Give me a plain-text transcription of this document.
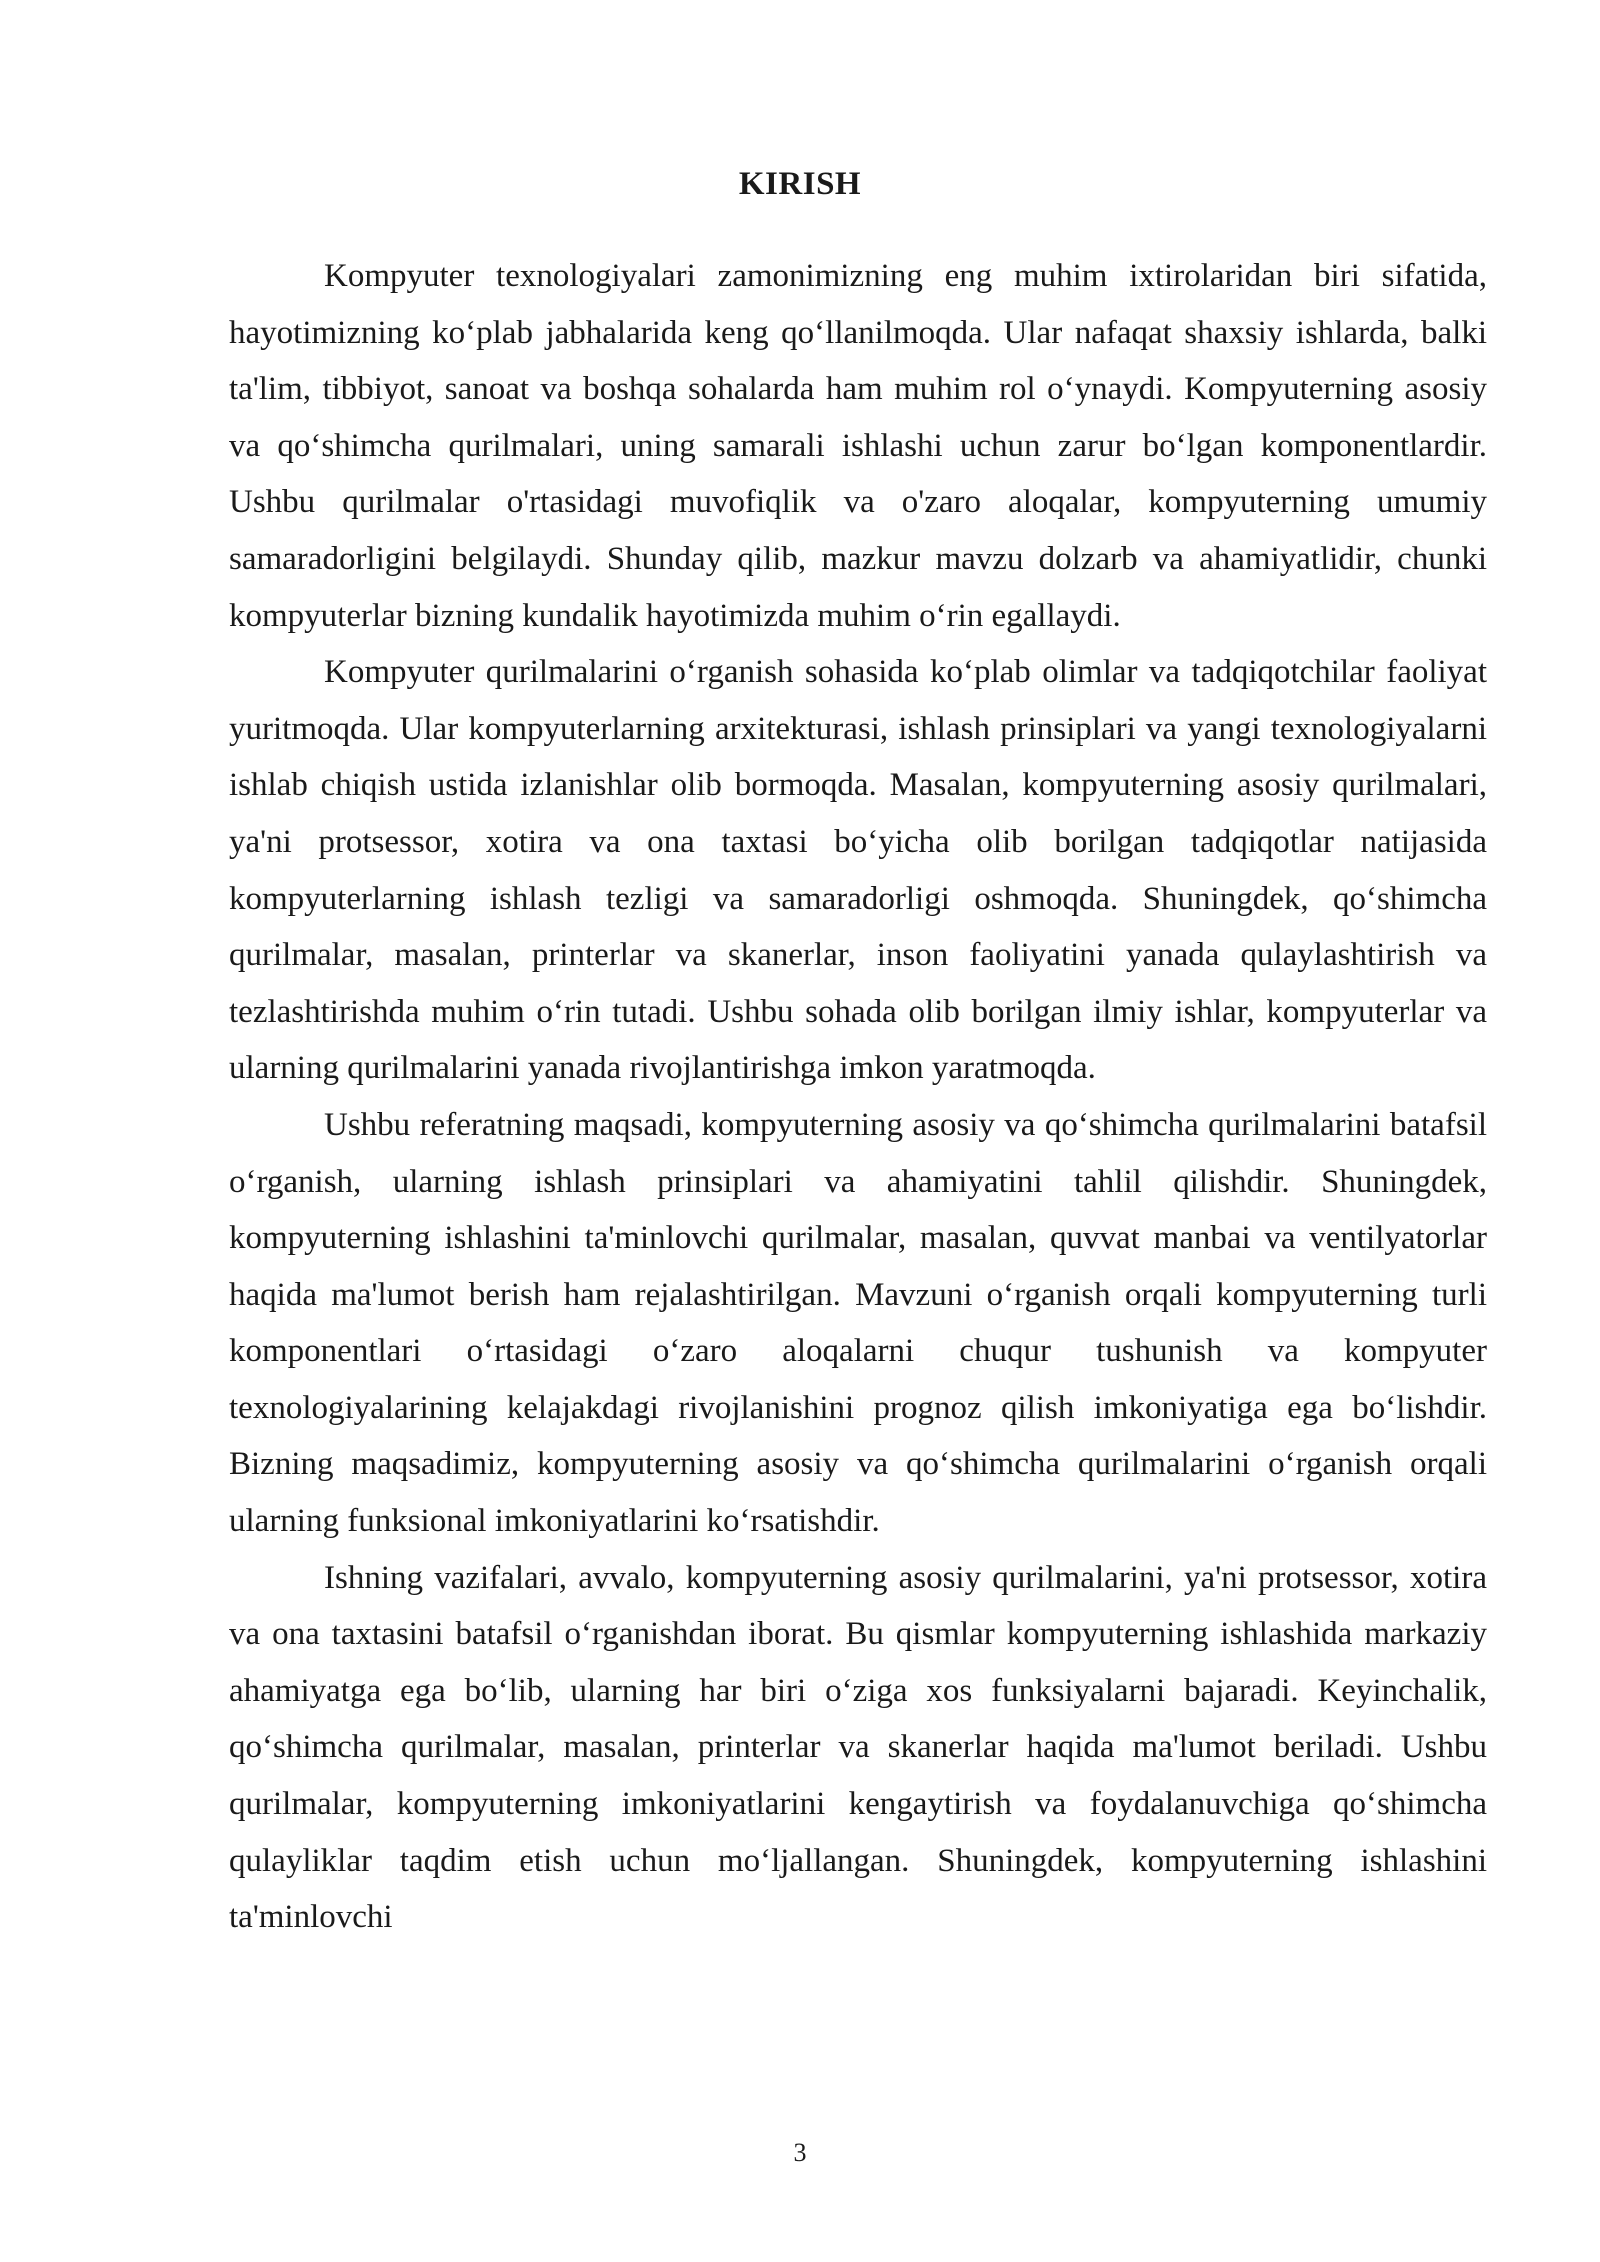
KIRISH

Kompyuter texnologiyalari zamonimizning eng muhim ixtirolaridan biri sifatida, hayotimizning ko‘plab jabhalarida keng qo‘llanilmoqda. Ular nafaqat shaxsiy ishlarda, balki ta'lim, tibbiyot, sanoat va boshqa sohalarda ham muhim rol o‘ynaydi. Kompyuterning asosiy va qo‘shimcha qurilmalari, uning samarali ishlashi uchun zarur bo‘lgan komponentlardir. Ushbu qurilmalar o'rtasidagi muvofiqlik va o'zaro aloqalar, kompyuterning umumiy samaradorligini belgilaydi. Shunday qilib, mazkur mavzu dolzarb va ahamiyatlidir, chunki kompyuterlar bizning kundalik hayotimizda muhim o‘rin egallaydi.

Kompyuter qurilmalarini o‘rganish sohasida ko‘plab olimlar va tadqiqotchilar faoliyat yuritmoqda. Ular kompyuterlarning arxitekturasi, ishlash prinsiplari va yangi texnologiyalarni ishlab chiqish ustida izlanishlar olib bormoqda. Masalan, kompyuterning asosiy qurilmalari, ya'ni protsessor, xotira va ona taxtasi bo‘yicha olib borilgan tadqiqotlar natijasida kompyuterlarning ishlash tezligi va samaradorligi oshmoqda. Shuningdek, qo‘shimcha qurilmalar, masalan, printerlar va skanerlar, inson faoliyatini yanada qulaylashtirish va tezlashtirishda muhim o‘rin tutadi. Ushbu sohada olib borilgan ilmiy ishlar, kompyuterlar va ularning qurilmalarini yanada rivojlantirishga imkon yaratmoqda.

Ushbu referatning maqsadi, kompyuterning asosiy va qo‘shimcha qurilmalarini batafsil o‘rganish, ularning ishlash prinsiplari va ahamiyatini tahlil qilishdir. Shuningdek, kompyuterning ishlashini ta'minlovchi qurilmalar, masalan, quvvat manbai va ventilyatorlar haqida ma'lumot berish ham rejalashtirilgan. Mavzuni o‘rganish orqali kompyuterning turli komponentlari o‘rtasidagi o‘zaro aloqalarni chuqur tushunish va kompyuter texnologiyalarining kelajakdagi rivojlanishini prognoz qilish imkoniyatiga ega bo‘lishdir. Bizning maqsadimiz, kompyuterning asosiy va qo‘shimcha qurilmalarini o‘rganish orqali ularning funksional imkoniyatlarini ko‘rsatishdir.

Ishning vazifalari, avvalo, kompyuterning asosiy qurilmalarini, ya'ni protsessor, xotira va ona taxtasini batafsil o‘rganishdan iborat. Bu qismlar kompyuterning ishlashida markaziy ahamiyatga ega bo‘lib, ularning har biri o‘ziga xos funksiyalarni bajaradi. Keyinchalik, qo‘shimcha qurilmalar, masalan, printerlar va skanerlar haqida ma'lumot beriladi. Ushbu qurilmalar, kompyuterning imkoniyatlarini kengaytirish va foydalanuvchiga qo‘shimcha qulayliklar taqdim etish uchun mo‘ljallangan. Shuningdek, kompyuterning ishlashini ta'minlovchi

3
